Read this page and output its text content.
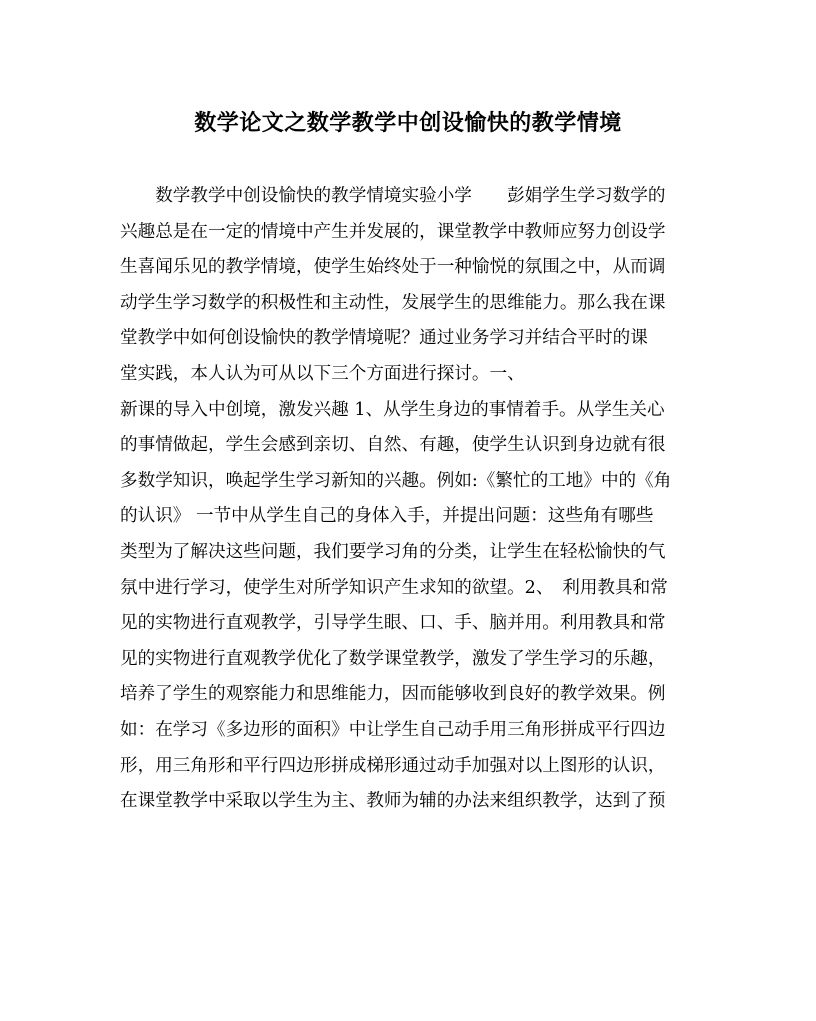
数学论文之数学教学中创设愉快的教学情境
　　数学教学中创设愉快的教学情境实验小学　　彭娟学生学习数学的
兴趣总是在一定的情境中产生并发展的，课堂教学中教师应努力创设学
生喜闻乐见的教学情境，使学生始终处于一种愉悦的氛围之中，从而调
动学生学习数学的积极性和主动性，发展学生的思维能力。那么我在课
堂教学中如何创设愉快的教学情境呢？通过业务学习并结合平时的课
堂实践，本人认为可从以下三个方面进行探讨。一、
新课的导入中创境，激发兴趣 1、从学生身边的事情着手。从学生关心
的事情做起，学生会感到亲切、自然、有趣，使学生认识到身边就有很
多数学知识，唤起学生学习新知的兴趣。例如:《繁忙的工地》中的《角
的认识》 一节中从学生自己的身体入手，并提出问题：这些角有哪些
类型为了解决这些问题，我们要学习角的分类，让学生在轻松愉快的气
氛中进行学习，使学生对所学知识产生求知的欲望。2、　利用教具和常
见的实物进行直观教学，引导学生眼、口、手、脑并用。利用教具和常
见的实物进行直观教学优化了数学课堂教学，激发了学生学习的乐趣，
培养了学生的观察能力和思维能力，因而能够收到良好的教学效果。例
如：在学习《多边形的面积》中让学生自己动手用三角形拼成平行四边
形，用三角形和平行四边形拼成梯形通过动手加强对以上图形的认识，
在课堂教学中采取以学生为主、教师为辅的办法来组织教学，达到了预
